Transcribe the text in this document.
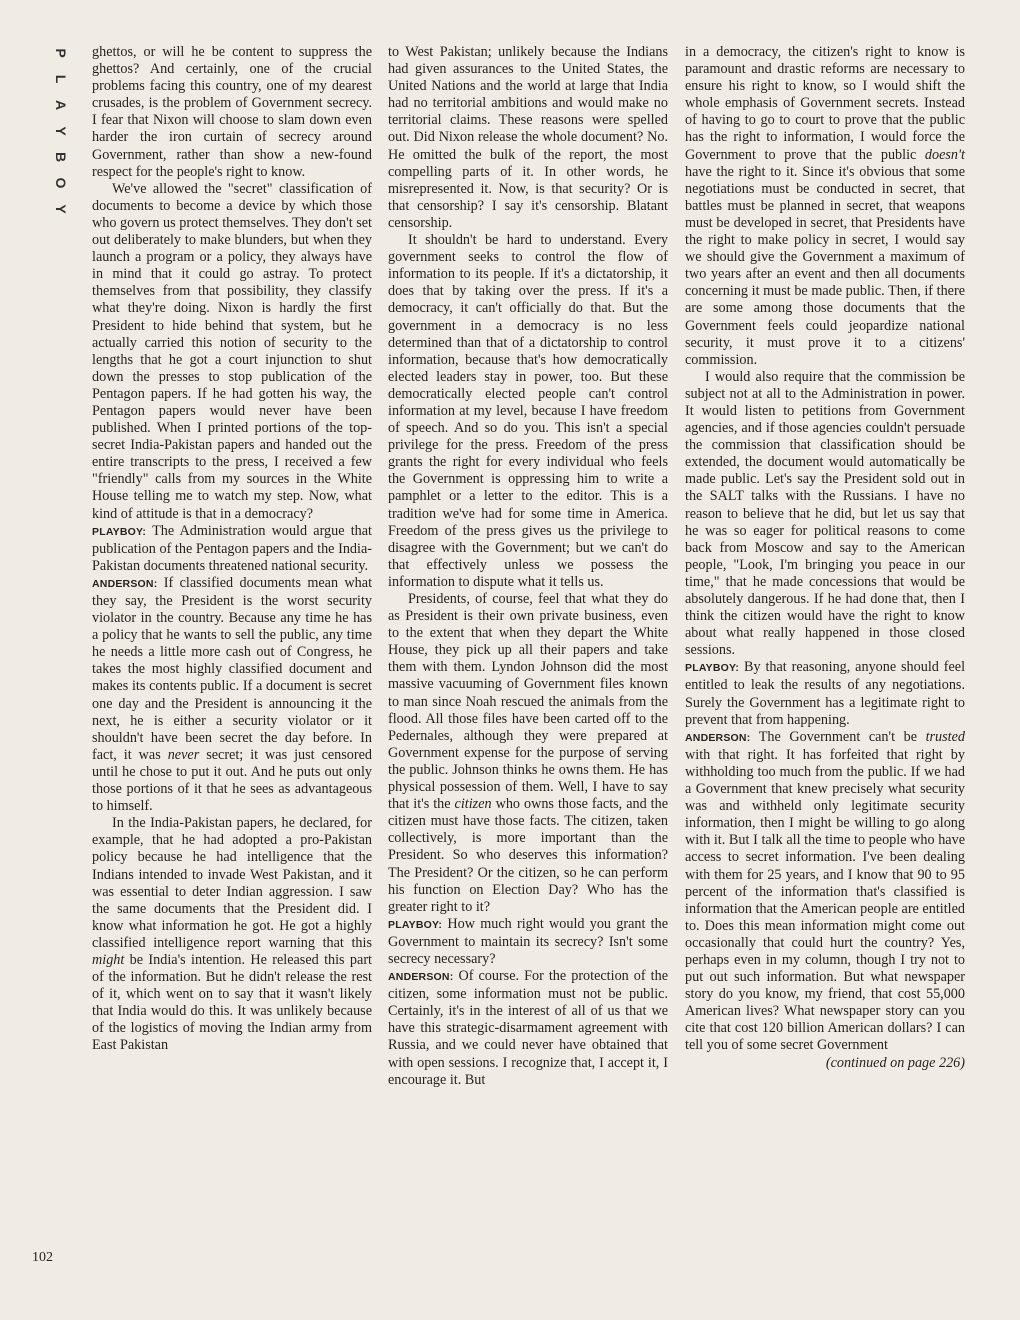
P
L
A
Y
B
O
Y

ghettos, or will he be content to suppress the ghettos? And certainly, one of the crucial problems facing this country, one of my dearest crusades, is the problem of Government secrecy. I fear that Nixon will choose to slam down even harder the iron curtain of secrecy around Government, rather than show a new-found respect for the people's right to know.

We've allowed the "secret" classification of documents to become a device by which those who govern us protect themselves. They don't set out deliberately to make blunders, but when they launch a program or a policy, they always have in mind that it could go astray. To protect themselves from that possibility, they classify what they're doing. Nixon is hardly the first President to hide behind that system, but he actually carried this notion of security to the lengths that he got a court injunction to shut down the presses to stop publication of the Pentagon papers. If he had gotten his way, the Pentagon papers would never have been published. When I printed portions of the top-secret India-Pakistan papers and handed out the entire transcripts to the press, I received a few "friendly" calls from my sources in the White House telling me to watch my step. Now, what kind of attitude is that in a democracy?

PLAYBOY: The Administration would argue that publication of the Pentagon papers and the India-Pakistan documents threatened national security.

ANDERSON: If classified documents mean what they say, the President is the worst security violator in the country. Because any time he has a policy that he wants to sell the public, any time he needs a little more cash out of Congress, he takes the most highly classified document and makes its contents public. If a document is secret one day and the President is announcing it the next, he is either a security violator or it shouldn't have been secret the day before. In fact, it was never secret; it was just censored until he chose to put it out. And he puts out only those portions of it that he sees as advantageous to himself.

In the India-Pakistan papers, he declared, for example, that he had adopted a pro-Pakistan policy because he had intelligence that the Indians intended to invade West Pakistan, and it was essential to deter Indian aggression. I saw the same documents that the President did. I know what information he got. He got a highly classified intelligence report warning that this might be India's intention. He released this part of the information. But he didn't release the rest of it, which went on to say that it wasn't likely that India would do this. It was unlikely because of the logistics of moving the Indian army from East Pakistan

to West Pakistan; unlikely because the Indians had given assurances to the United States, the United Nations and the world at large that India had no territorial ambitions and would make no territorial claims. These reasons were spelled out. Did Nixon release the whole document? No. He omitted the bulk of the report, the most compelling parts of it. In other words, he misrepresented it. Now, is that security? Or is that censorship? I say it's censorship. Blatant censorship.

It shouldn't be hard to understand. Every government seeks to control the flow of information to its people. If it's a dictatorship, it does that by taking over the press. If it's a democracy, it can't officially do that. But the government in a democracy is no less determined than that of a dictatorship to control information, because that's how democratically elected leaders stay in power, too. But these democratically elected people can't control information at my level, because I have freedom of speech. And so do you. This isn't a special privilege for the press. Freedom of the press grants the right for every individual who feels the Government is oppressing him to write a pamphlet or a letter to the editor. This is a tradition we've had for some time in America. Freedom of the press gives us the privilege to disagree with the Government; but we can't do that effectively unless we possess the information to dispute what it tells us.

Presidents, of course, feel that what they do as President is their own private business, even to the extent that when they depart the White House, they pick up all their papers and take them with them. Lyndon Johnson did the most massive vacuuming of Government files known to man since Noah rescued the animals from the flood. All those files have been carted off to the Pedernales, although they were prepared at Government expense for the purpose of serving the public. Johnson thinks he owns them. He has physical possession of them. Well, I have to say that it's the citizen who owns those facts, and the citizen must have those facts. The citizen, taken collectively, is more important than the President. So who deserves this information? The President? Or the citizen, so he can perform his function on Election Day? Who has the greater right to it?

PLAYBOY: How much right would you grant the Government to maintain its secrecy? Isn't some secrecy necessary?

ANDERSON: Of course. For the protection of the citizen, some information must not be public. Certainly, it's in the interest of all of us that we have this strategic-disarmament agreement with Russia, and we could never have obtained that with open sessions. I recognize that, I accept it, I encourage it. But

in a democracy, the citizen's right to know is paramount and drastic reforms are necessary to ensure his right to know, so I would shift the whole emphasis of Government secrets. Instead of having to go to court to prove that the public has the right to information, I would force the Government to prove that the public doesn't have the right to it. Since it's obvious that some negotiations must be conducted in secret, that battles must be planned in secret, that weapons must be developed in secret, that Presidents have the right to make policy in secret, I would say we should give the Government a maximum of two years after an event and then all documents concerning it must be made public. Then, if there are some among those documents that the Government feels could jeopardize national security, it must prove it to a citizens' commission.

I would also require that the commission be subject not at all to the Administration in power. It would listen to petitions from Government agencies, and if those agencies couldn't persuade the commission that classification should be extended, the document would automatically be made public. Let's say the President sold out in the SALT talks with the Russians. I have no reason to believe that he did, but let us say that he was so eager for political reasons to come back from Moscow and say to the American people, "Look, I'm bringing you peace in our time," that he made concessions that would be absolutely dangerous. If he had done that, then I think the citizen would have the right to know about what really happened in those closed sessions.

PLAYBOY: By that reasoning, anyone should feel entitled to leak the results of any negotiations. Surely the Government has a legitimate right to prevent that from happening.

ANDERSON: The Government can't be trusted with that right. It has forfeited that right by withholding too much from the public. If we had a Government that knew precisely what security was and withheld only legitimate security information, then I might be willing to go along with it. But I talk all the time to people who have access to secret information. I've been dealing with them for 25 years, and I know that 90 to 95 percent of the information that's classified is information that the American people are entitled to. Does this mean information might come out occasionally that could hurt the country? Yes, perhaps even in my column, though I try not to put out such information. But what newspaper story do you know, my friend, that cost 55,000 American lives? What newspaper story can you cite that cost 120 billion American dollars? I can tell you of some secret Government

(continued on page 226)

102
